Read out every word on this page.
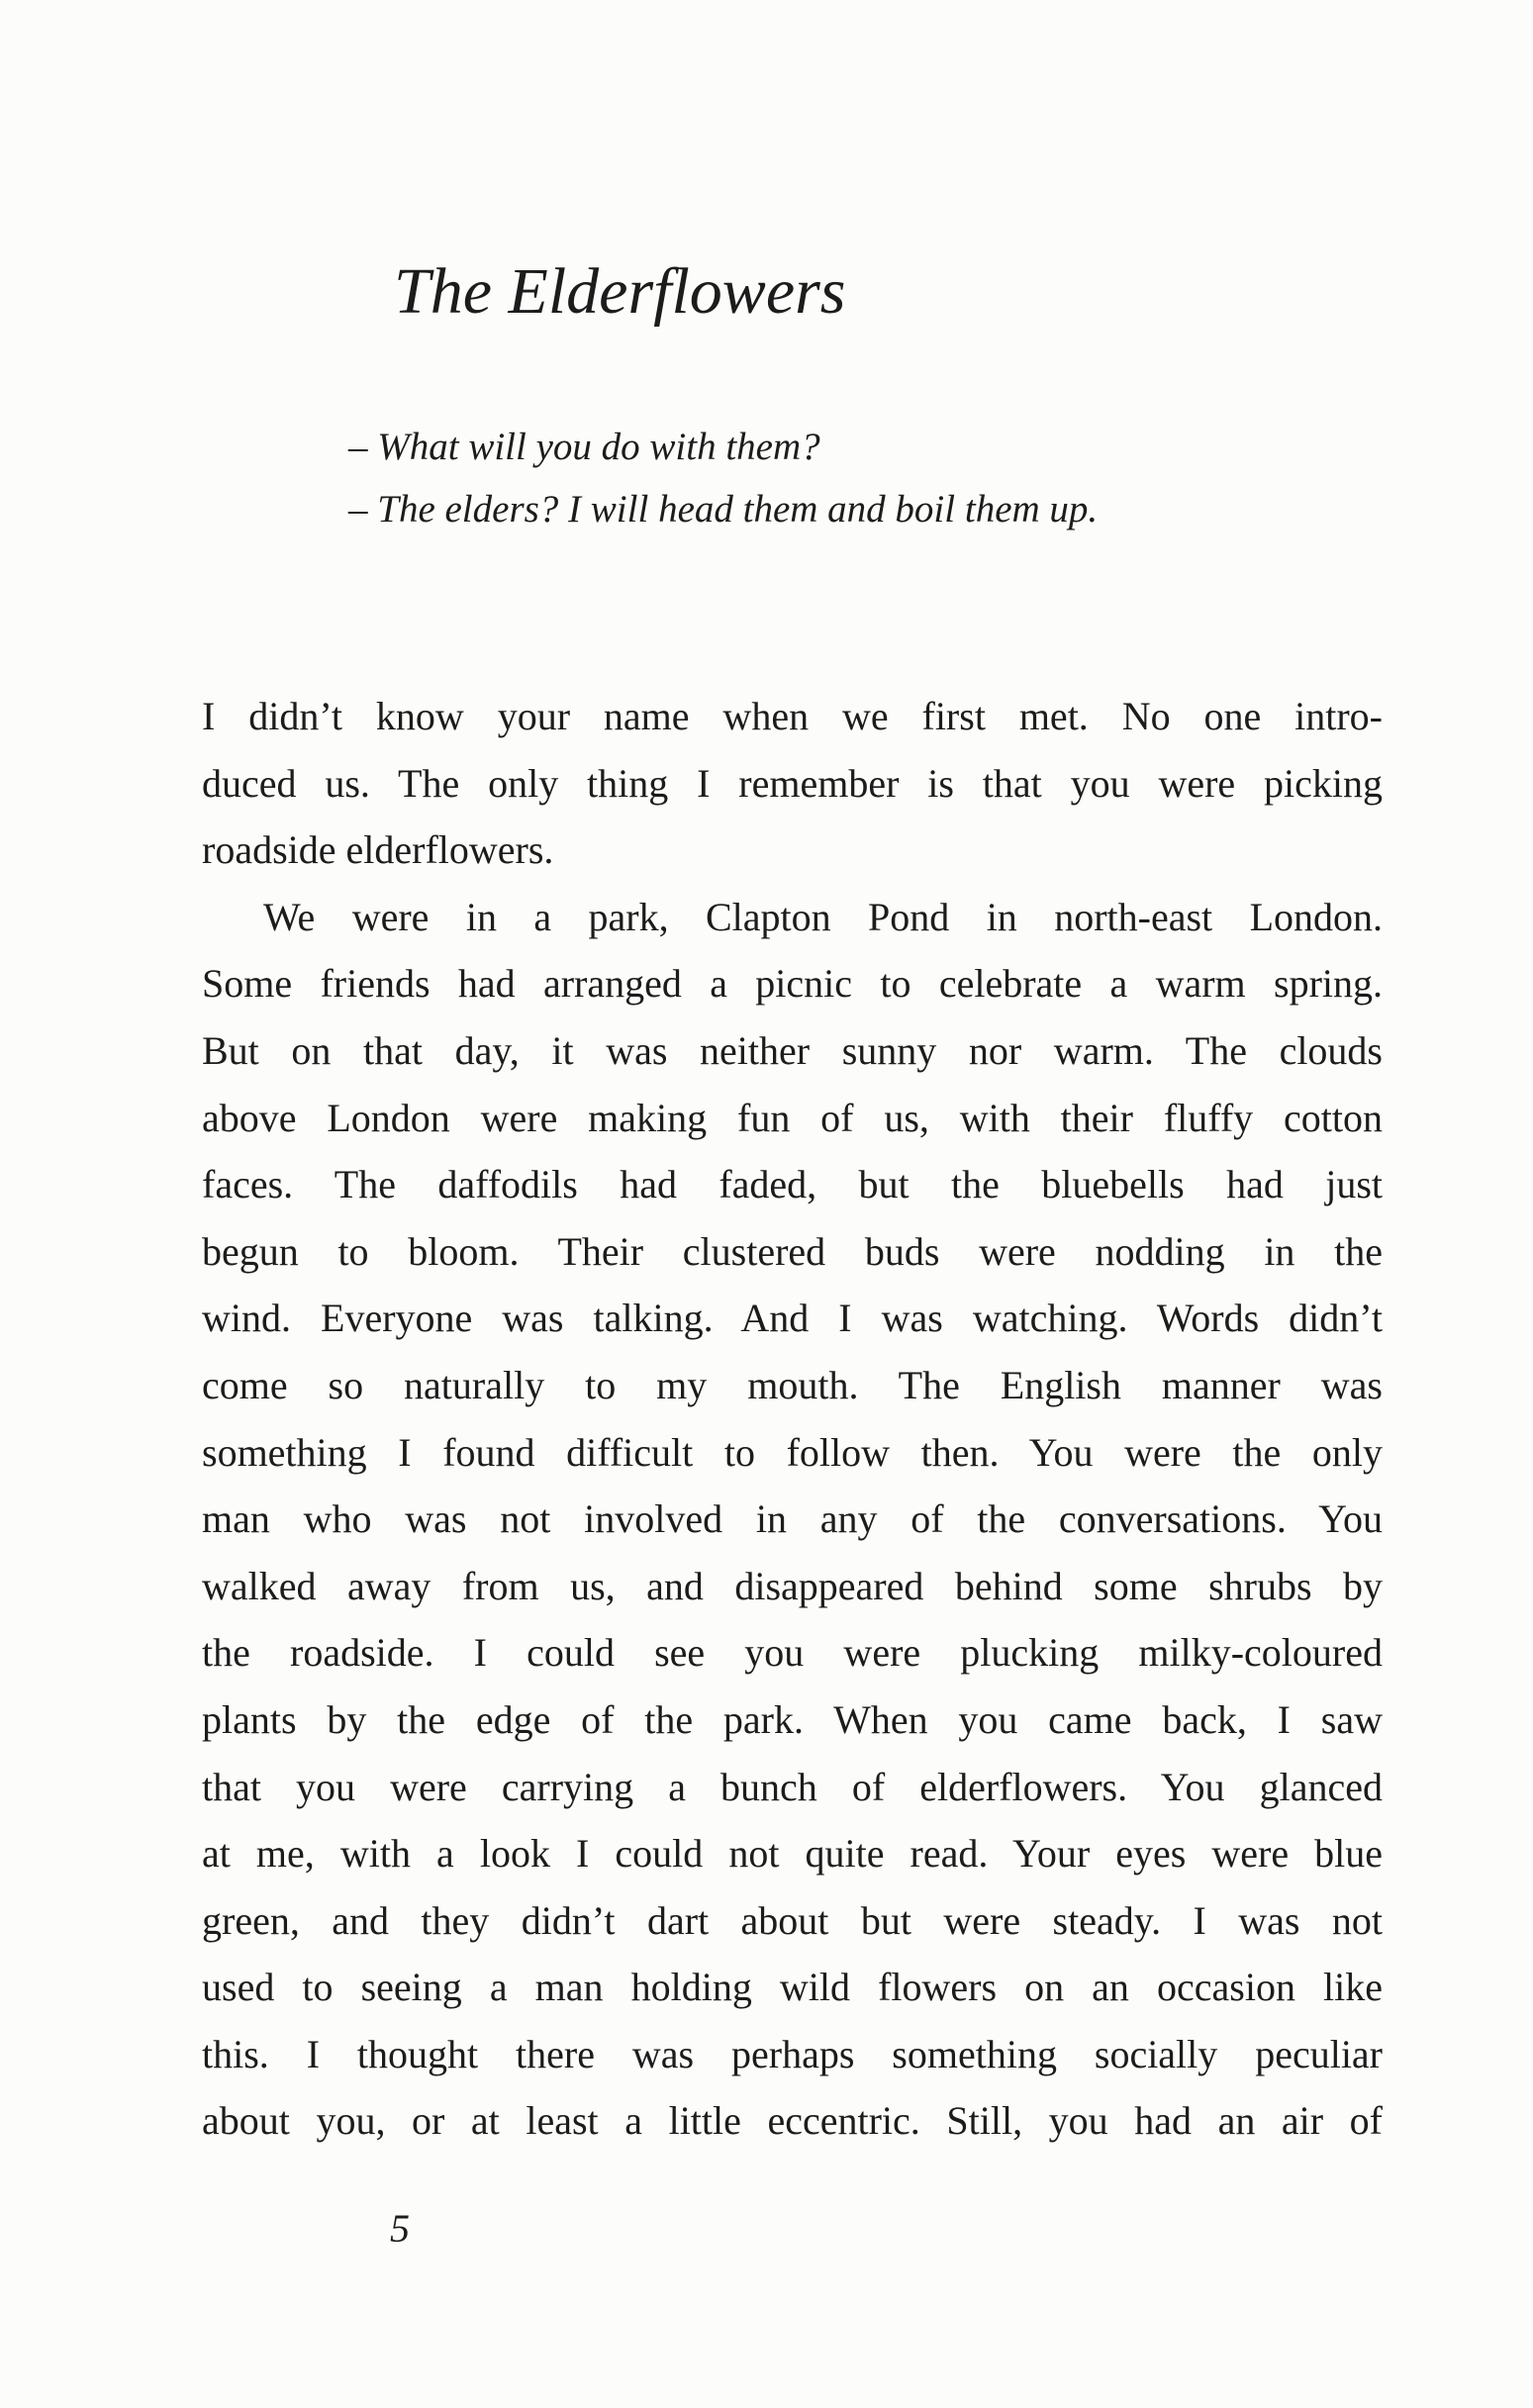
The Elderflowers
– What will you do with them?
– The elders? I will head them and boil them up.
I didn’t know your name when we first met. No one intro-
duced us. The only thing I remember is that you were picking
roadside elderflowers.
We were in a park, Clapton Pond in north-east London.
Some friends had arranged a picnic to celebrate a warm spring.
But on that day, it was neither sunny nor warm. The clouds
above London were making fun of us, with their fluffy cotton
faces. The daffodils had faded, but the bluebells had just
begun to bloom. Their clustered buds were nodding in the
wind. Everyone was talking. And I was watching. Words didn’t
come so naturally to my mouth. The English manner was
something I found difficult to follow then. You were the only
man who was not involved in any of the conversations. You
walked away from us, and disappeared behind some shrubs by
the roadside. I could see you were plucking milky-coloured
plants by the edge of the park. When you came back, I saw
that you were carrying a bunch of elderflowers. You glanced
at me, with a look I could not quite read. Your eyes were blue
green, and they didn’t dart about but were steady. I was not
used to seeing a man holding wild flowers on an occasion like
this. I thought there was perhaps something socially peculiar
about you, or at least a little eccentric. Still, you had an air of
5
